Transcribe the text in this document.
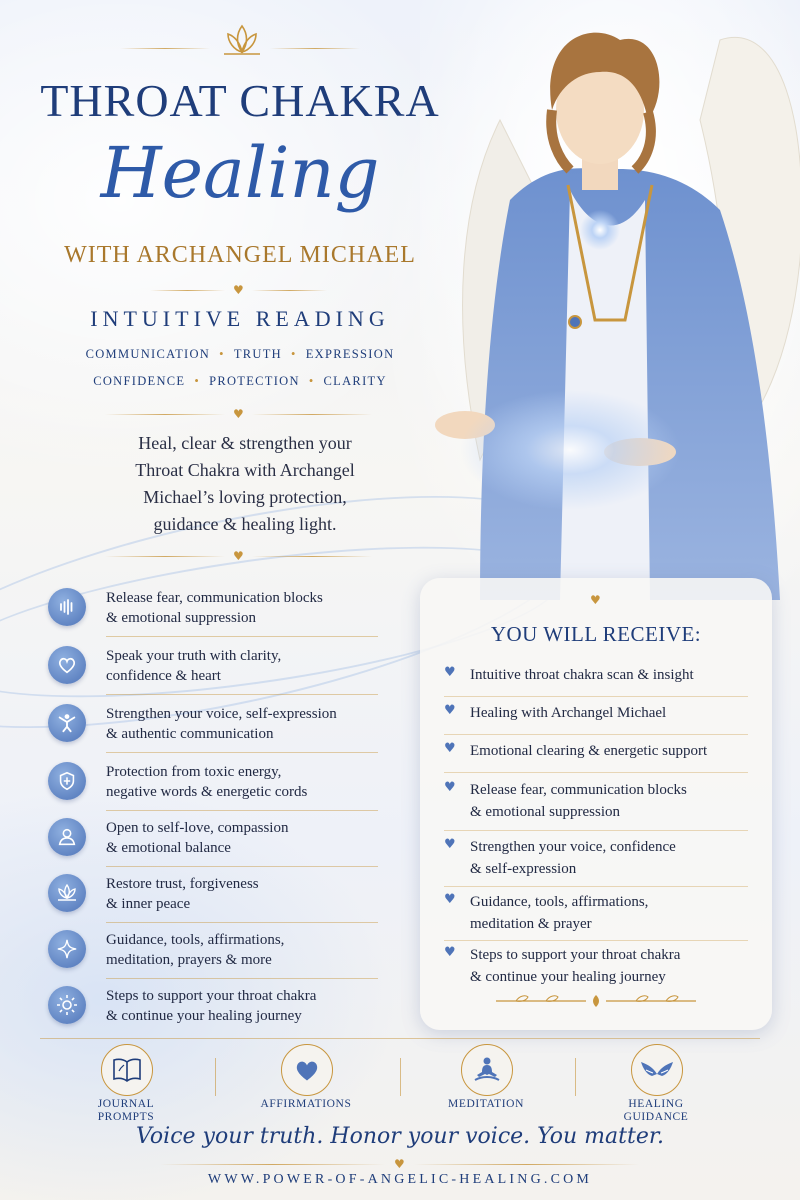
THROAT CHAKRA
Healing
WITH ARCHANGEL MICHAEL
♥
INTUITIVE READING
COMMUNICATION • TRUTH • EXPRESSION
CONFIDENCE • PROTECTION • CLARITY
♥
Heal, clear & strengthen your
Throat Chakra with Archangel
Michael’s loving protection,
guidance & healing light.
♥
Release fear, communication blocks
& emotional suppression
Speak your truth with clarity,
confidence & heart
Strengthen your voice, self-expression
& authentic communication
Protection from toxic energy,
negative words & energetic cords
Open to self-love, compassion
& emotional balance
Restore trust, forgiveness
& inner peace
Guidance, tools, affirmations,
meditation, prayers & more
Steps to support your throat chakra
& continue your healing journey
♥
YOU WILL RECEIVE:
♥ Intuitive throat chakra scan & insight
♥ Healing with Archangel Michael
♥ Emotional clearing & energetic support
♥ Release fear, communication blocks
& emotional suppression
♥ Strengthen your voice, confidence
& self-expression
♥ Guidance, tools, affirmations,
meditation & prayer
♥ Steps to support your throat chakra
& continue your healing journey
JOURNAL
PROMPTS
AFFIRMATIONS	MEDITATION	HEALING
GUIDANCE
Voice your truth. Honor your voice. You matter.
♥
WWW.POWER-OF-ANGELIC-HEALING.COM
